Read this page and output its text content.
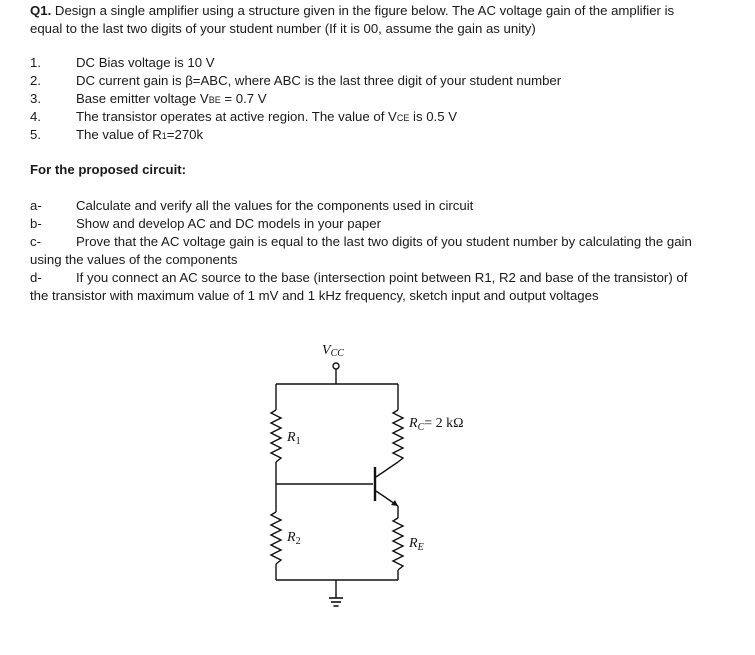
Q1. Design a single amplifier using a structure given in the figure below. The AC voltage gain of the amplifier is
equal to the last two digits of your student number (If it is 00, assume the gain as unity)
1.	DC Bias voltage is 10 V
2.	DC current gain is β=ABC, where ABC is the last three digit of your student number
3.	Base emitter voltage VBE = 0.7 V
4.	The transistor operates at active region. The value of VCE is 0.5 V
5.	The value of R1=270k
For the proposed circuit:
a-	Calculate and verify all the values for the components used in circuit
b-	Show and develop AC and DC models in your paper
c-	Prove that the AC voltage gain is equal to the last two digits of you student number by calculating the gain
using the values of the components
d-	If you connect an AC source to the base (intersection point between R1, R2 and base of the transistor) of
the transistor with maximum value of 1 mV and 1 kHz frequency, sketch input and output voltages
VCC
$R_1$
$R_2$
$R_C= 2$ kΩ
$R_E$
